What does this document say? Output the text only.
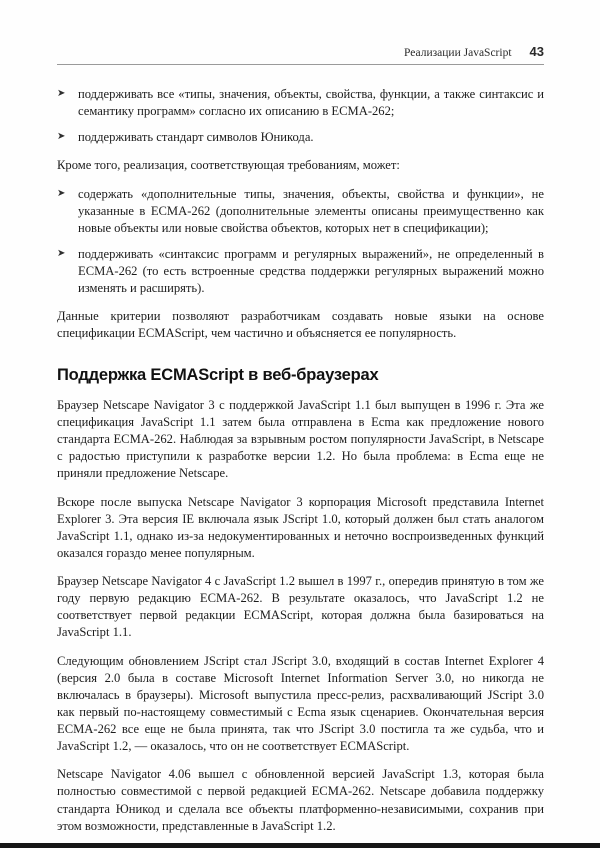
Реализации JavaScript 43
➤ поддерживать все «типы, значения, объекты, свойства, функции, а также синтаксис и семантику программ» согласно их описанию в ECMA-262;
➤ поддерживать стандарт символов Юникода.

Кроме того, реализация, соответствующая требованиям, может:

➤ содержать «дополнительные типы, значения, объекты, свойства и функции», не указанные в ECMA-262 (дополнительные элементы описаны преимущественно как новые объекты или новые свойства объектов, которых нет в спецификации);
➤ поддерживать «синтаксис программ и регулярных выражений», не определенный в ECMA-262 (то есть встроенные средства поддержки регулярных выражений можно изменять и расширять).

Данные критерии позволяют разработчикам создавать новые языки на основе спецификации ECMAScript, чем частично и объясняется ее популярность.

Поддержка ECMAScript в веб-браузерах

Браузер Netscape Navigator 3 с поддержкой JavaScript 1.1 был выпущен в 1996 г. Эта же спецификация JavaScript 1.1 затем была отправлена в Ecma как предложение нового стандарта ECMA-262. Наблюдая за взрывным ростом популярности JavaScript, в Netscape с радостью приступили к разработке версии 1.2. Но была проблема: в Ecma еще не приняли предложение Netscape.

Вскоре после выпуска Netscape Navigator 3 корпорация Microsoft представила Internet Explorer 3. Эта версия IE включала язык JScript 1.0, который должен был стать аналогом JavaScript 1.1, однако из-за недокументированных и неточно воспроизведенных функций оказался гораздо менее популярным.

Браузер Netscape Navigator 4 с JavaScript 1.2 вышел в 1997 г., опередив принятую в том же году первую редакцию ECMA-262. В результате оказалось, что JavaScript 1.2 не соответствует первой редакции ECMAScript, которая должна была базироваться на JavaScript 1.1.

Следующим обновлением JScript стал JScript 3.0, входящий в состав Internet Explorer 4 (версия 2.0 была в составе Microsoft Internet Information Server 3.0, но никогда не включалась в браузеры). Microsoft выпустила пресс-релиз, расхваливающий JScript 3.0 как первый по-настоящему совместимый с Ecma язык сценариев. Окончательная версия ECMA-262 все еще не была принята, так что JScript 3.0 постигла та же судьба, что и JavaScript 1.2, — оказалось, что он не соответствует ECMAScript.

Netscape Navigator 4.06 вышел с обновленной версией JavaScript 1.3, которая была полностью совместимой с первой редакцией ECMA-262. Netscape добавила поддержку стандарта Юникод и сделала все объекты платформенно-независимыми, сохранив при этом возможности, представленные в JavaScript 1.2.
